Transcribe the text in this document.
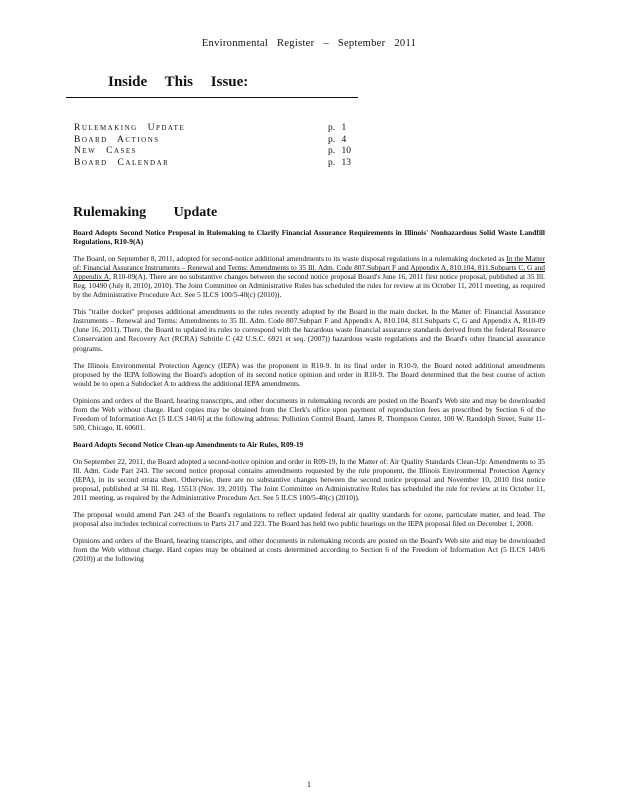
Environmental Register – September 2011
Inside This Issue:
Rulemaking Update	p. 1
Board Actions	p. 4
New Cases	p. 10
Board Calendar	p. 13
Rulemaking Update
Board Adopts Second Notice Proposal in Rulemaking to Clarify Financial Assurance Requirements in Illinois' Nonhazardous Solid Waste Landfill Regulations, R10-9(A)

The Board, on September 8, 2011, adopted for second-notice additional amendments to its waste disposal regulations in a rulemaking docketed as In the Matter of: Financial Assurance Instruments – Renewal and Terms: Amendments to 35 Ill. Adm. Code 807.Subpart F and Appendix A, 810.104, 811.Subparts C, G and Appendix A, R10-09(A). There are no substantive changes between the second notice proposal Board's June 16, 2011 first notice proposal, published at 35 Ill. Reg. 10490 (July 8, 2010), 2010). The Joint Committee on Administrative Rules has scheduled the rules for review at its October 11, 2011 meeting, as required by the Administrative Procedure Act. See 5 ILCS 100/5-40(c) (2010)).

This "trailer docket" proposes additional amendments to the rules recently adopted by the Board in the main docket. In the Matter of: Financial Assurance Instruments – Renewal and Terms: Amendments to 35 Ill. Adm. Code 807.Subpart F and Appendix A, 810.104, 811.Subparts C, G and Appendix A, R10-09 (June 16, 2011). There, the Board to updated its rules to correspond with the hazardous waste financial assurance standards derived from the federal Resource Conservation and Recovery Act (RCRA) Subtitle C (42 U.S.C. 6921 et seq. (2007)) hazardous waste regulations and the Board's other financial assurance programs.

The Illinois Environmental Protection Agency (IEPA) was the proponent in R10-9. In its final order in R10-9, the Board noted additional amendments proposed by the IEPA following the Board's adoption of its second notice opinion and order in R10-9. The Board determined that the best course of action would be to open a Subdocket A to address the additional IEPA amendments.

Opinions and orders of the Board, hearing transcripts, and other documents in rulemaking records are posted on the Board's Web site and may be downloaded from the Web without charge. Hard copies may be obtained from the Clerk's office upon payment of reproduction fees as prescribed by Section 6 of the Freedom of Information Act [5 ILCS 140/6] at the following address: Pollution Control Board, James R. Thompson Center, 100 W. Randolph Street, Suite 11-500, Chicago, IL 60601.

Board Adopts Second Notice Clean-up Amendments to Air Rules, R09-19

On September 22, 2011, the Board adopted a second-notice opinion and order in R09-19, In the Matter of: Air Quality Standards Clean-Up: Amendments to 35 Ill. Adm. Code Part 243. The second notice proposal contains amendments requested by the rule proponent, the Illinois Environmental Protection Agency (IEPA), in its second errata sheet. Otherwise, there are no substantive changes between the second notice proposal and November 10, 2010 first notice proposal, published at 34 Ill. Reg. 15513 (Nov. 19, 2010). The Joint Committee on Administrative Rules has scheduled the rule for review at its October 11, 2011 meeting, as required by the Administrative Procedure Act. See 5 ILCS 100/5-40(c) (2010)).

The proposal would amend Part 243 of the Board's regulations to reflect updated federal air quality standards for ozone, particulate matter, and lead. The proposal also includes technical corrections to Parts 217 and 223. The Board has held two public hearings on the IEPA proposal filed on December 1, 2008.

Opinions and orders of the Board, hearing transcripts, and other documents in rulemaking records are posted on the Board's Web site and may be downloaded from the Web without charge. Hard copies may be obtained at costs determined according to Section 6 of the Freedom of Information Act (5 ILCS 140/6 (2010)) at the following

1
